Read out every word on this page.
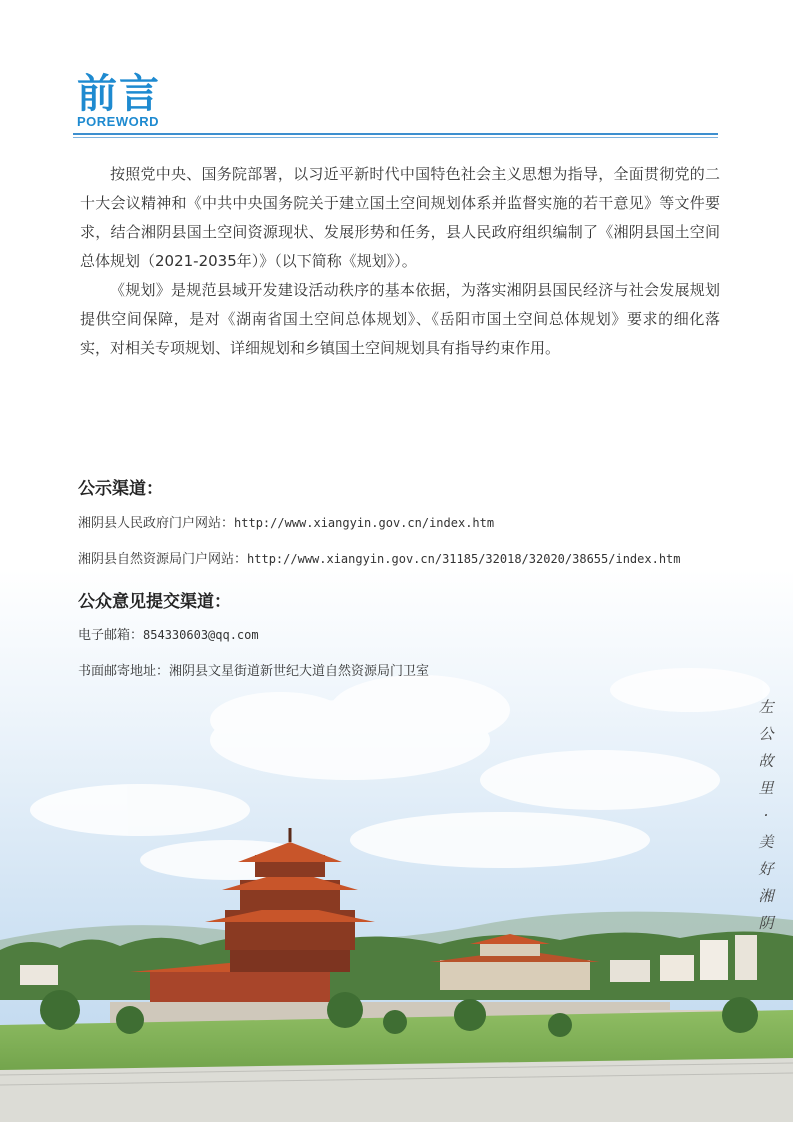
前言
POREWORD

按照党中央、国务院部署，以习近平新时代中国特色社会主义思想为指导，全面贯彻党的二十大会议精神和《中共中央国务院关于建立国土空间规划体系并监督实施的若干意见》等文件要求，结合湘阴县国土空间资源现状、发展形势和任务，县人民政府组织编制了《湘阴县国土空间总体规划（2021-2035年）》（以下简称《规划》）。

《规划》是规范县域开发建设活动秩序的基本依据，为落实湘阴县国民经济与社会发展规划提供空间保障，是对《湖南省国土空间总体规划》、《岳阳市国土空间总体规划》要求的细化落实，对相关专项规划、详细规划和乡镇国土空间规划具有指导约束作用。

公示渠道：
湘阴县人民政府门户网站：http://www.xiangyin.gov.cn/index.htm
湘阴县自然资源局门户网站：http://www.xiangyin.gov.cn/31185/32018/32020/38655/index.htm
公众意见提交渠道：
电子邮箱：854330603@qq.com
书面邮寄地址：湘阴县文星街道新世纪大道自然资源局门卫室
左
公
故
里
·
美
好
湘
阴
